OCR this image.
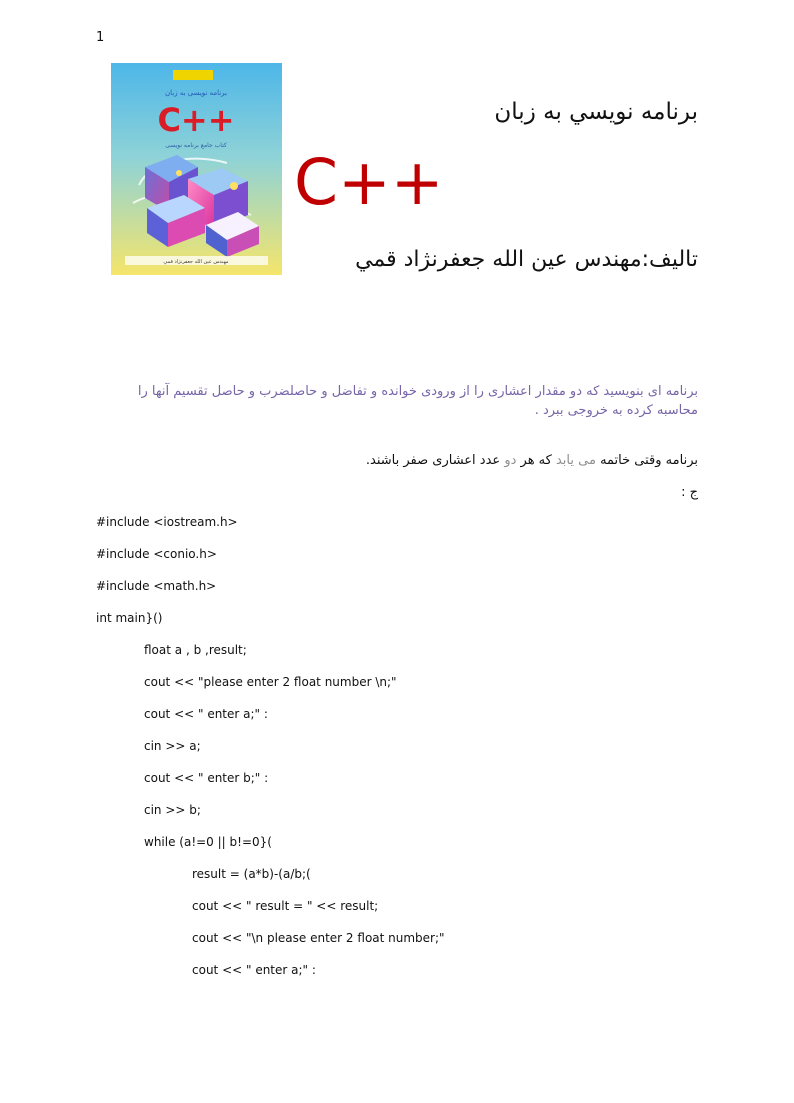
1
برنامه نويسی به زبان
C++
کتاب جامع برنامه نويسی
مهندس عين الله جعفرنژاد قمي
برنامه نويسي به زبان
C++
تاليف:مهندس عين الله جعفرنژاد قمي
برنامه ای بنویسید که دو مقدار اعشاری را از ورودی خوانده و تفاضل و حاصلضرب و حاصل تقسیم آنها را محاسبه کرده به خروجی ببرد .
برنامه وقتی خاتمه می یابد که هر دو عدد اعشاری صفر باشند.
ج :
#include <iostream.h>
#include <conio.h>
#include <math.h>
int main}()
float a , b ,result;
cout << "please enter 2 float number \n;"
cout << " enter a;" :
cin >> a;
cout << " enter b;" :
cin >> b;
while (a!=0 || b!=0}(
result = (a*b)-(a/b;(
cout << " result = " << result;
cout << "\n please enter 2 float number;"
cout << " enter a;" :
